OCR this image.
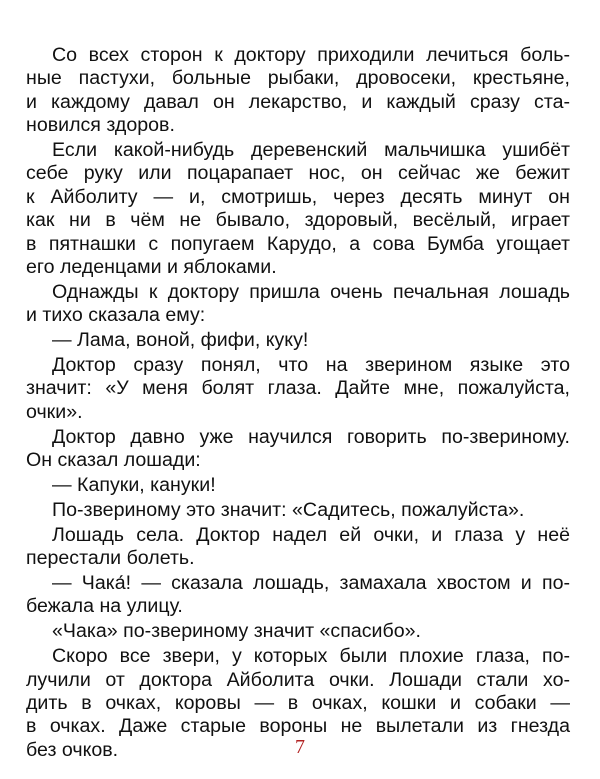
Со всех сторон к доктору приходили лечиться боль-
ные пастухи, больные рыбаки, дровосеки, крестьяне,
и каждому давал он лекарство, и каждый сразу ста-
новился здоров.
Если какой-нибудь деревенский мальчишка ушибёт
себе руку или поцарапает нос, он сейчас же бежит
к Айболиту — и, смотришь, через десять минут он
как ни в чём не бывало, здоровый, весёлый, играет
в пятнашки с попугаем Карудо, а сова Бумба угощает
его леденцами и яблоками.
Однажды к доктору пришла очень печальная лошадь
и тихо сказала ему:
— Лама, воной, фифи, куку!
Доктор сразу понял, что на зверином языке это
значит: «У меня болят глаза. Дайте мне, пожалуйста,
очки».
Доктор давно уже научился говорить по-звериному.
Он сказал лошади:
— Капуки, кануки!
По-звериному это значит: «Садитесь, пожалуйста».
Лошадь села. Доктор надел ей очки, и глаза у неё
перестали болеть.
— Чака́! — сказала лошадь, замахала хвостом и по-
бежала на улицу.
«Чака» по-звериному значит «спасибо».
Скоро все звери, у которых были плохие глаза, по-
лучили от доктора Айболита очки. Лошади стали хо-
дить в очках, коровы — в очках, кошки и собаки —
в очках. Даже старые вороны не вылетали из гнезда
без очков.	7
